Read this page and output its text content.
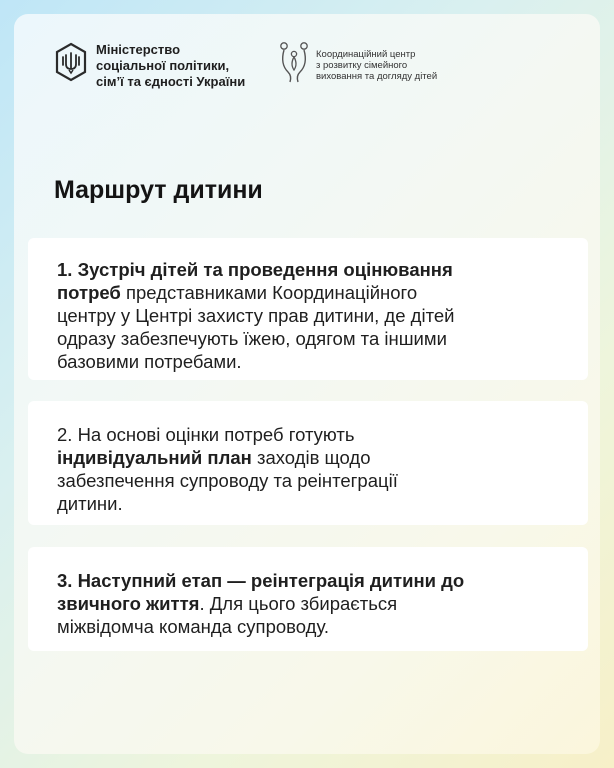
Міністерство
соціальної політики,
сім’ї та єдності України
Координаційний центр
з розвитку сімейного
виховання та догляду дітей
Маршрут дитини
1. Зустріч дітей та проведення оцінювання
потреб представниками Координаційного
центру у Центрі захисту прав дитини, де дітей
одразу забезпечують їжею, одягом та іншими
базовими потребами.
2. На основі оцінки потреб готують
індивідуальний план заходів щодо
забезпечення супроводу та реінтеграції
дитини.
3. Наступний етап — реінтеграція дитини до
звичного життя. Для цього збирається
міжвідомча команда супроводу.
